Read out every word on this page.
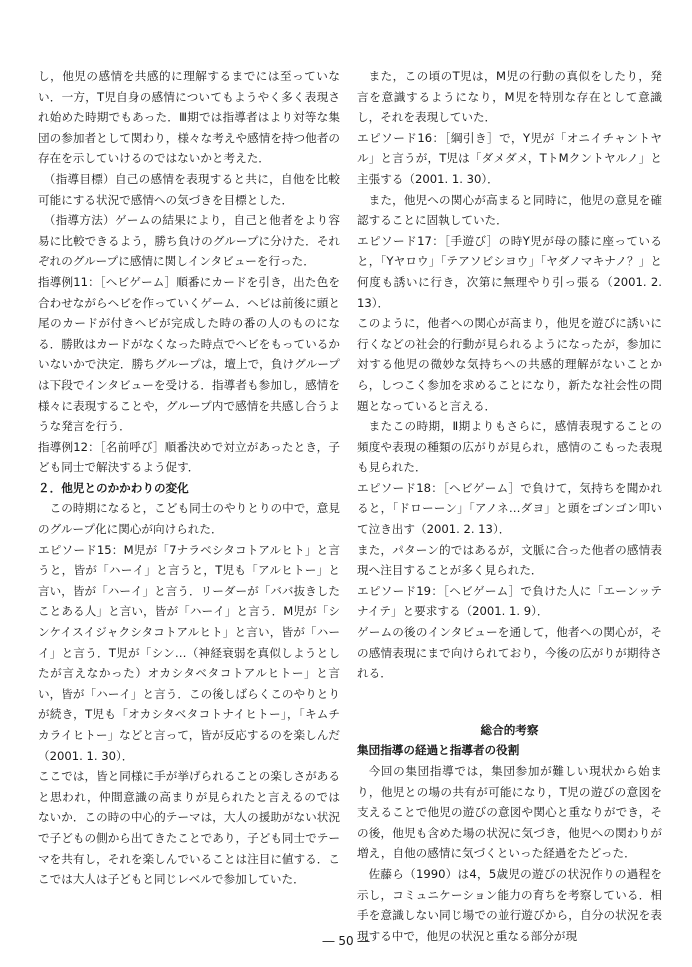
し，他児の感情を共感的に理解するまでには至っていない．一方，T児自身の感情についてもようやく多く表現され始めた時期でもあった．Ⅲ期では指導者はより対等な集団の参加者として関わり，様々な考えや感情を持つ他者の存在を示していけるのではないかと考えた．

（指導目標）自己の感情を表現すると共に，自他を比較可能にする状況で感情への気づきを目標とした．

（指導方法）ゲームの結果により，自己と他者をより容易に比較できるよう，勝ち負けのグループに分けた．それぞれのグループに感情に関しインタビューを行った．

指導例11：［ヘビゲーム］順番にカードを引き，出た色を合わせながらヘビを作っていくゲーム．ヘビは前後に頭と尾のカードが付きヘビが完成した時の番の人のものになる．勝敗はカードがなくなった時点でヘビをもっているかいないかで決定．勝ちグループは，壇上で，負けグループは下段でインタビューを受ける．指導者も参加し，感情を様々に表現することや，グループ内で感情を共感し合うような発言を行う．

指導例12：［名前呼び］順番決めで対立があったとき，子ども同士で解決するよう促す．

２．他児とのかかわりの変化

この時期になると，こども同士のやりとりの中で，意見のグループ化に関心が向けられた．

エピソード15：M児が「7ナラベシタコトアルヒト」と言うと，皆が「ハーイ」と言うと，T児も「アルヒトー」と言い，皆が「ハーイ」と言う．リーダーが「ババ抜きしたことある人」と言い，皆が「ハーイ」と言う．M児が「シンケイスイジャクシタコトアルヒト」と言い，皆が「ハーイ」と言う．T児が「シン…（神経衰弱を真似しようとしたが言えなかった）オカシタベタコトアルヒトー」と言い，皆が「ハーイ」と言う．この後しばらくこのやりとりが続き，T児も「オカシタベタコトナイヒトー」，「キムチカライヒトー」などと言って，皆が反応するのを楽しんだ（2001. 1. 30）．

ここでは，皆と同様に手が挙げられることの楽しさがあると思われ，仲間意識の高まりが見られたと言えるのではないか．この時の中心的テーマは，大人の援助がない状況で子どもの側から出てきたことであり，子ども同士でテーマを共有し，それを楽しんでいることは注目に値する．ここでは大人は子どもと同じレベルで参加していた．

また，この頃のT児は，M児の行動の真似をしたり，発言を意識するようになり，M児を特別な存在として意識し，それを表現していた．

エピソード16：［綱引き］で，Y児が「オニイチャントヤル」と言うが，T児は「ダメダメ，TトMクントヤルノ」と主張する（2001. 1. 30）．

また，他児への関心が高まると同時に，他児の意見を確認することに固執していた．

エピソード17：［手遊び］の時Y児が母の膝に座っていると，「Yヤロウ」「テアソビシヨウ」「ヤダノマキナノ？」と何度も誘いに行き，次第に無理やり引っ張る（2001. 2. 13）．

このように，他者への関心が高まり，他児を遊びに誘いに行くなどの社会的行動が見られるようになったが，参加に対する他児の微妙な気持ちへの共感的理解がないことから，しつこく参加を求めることになり，新たな社会性の問題となっていると言える．

またこの時期，Ⅱ期よりもさらに，感情表現することの頻度や表現の種類の広がりが見られ，感情のこもった表現も見られた．

エピソード18：［ヘビゲーム］で負けて，気持ちを聞かれると，「ドローーン」「アノネ…ダヨ」と頭をゴンゴン叩いて泣き出す（2001. 2. 13）．

また，パターン的ではあるが，文脈に合った他者の感情表現へ注目することが多く見られた．

エピソード19：［ヘビゲーム］で負けた人に「エーンッテナイテ」と要求する（2001. 1. 9）．

ゲームの後のインタビューを通して，他者への関心が，その感情表現にまで向けられており，今後の広がりが期待される．

総合的考察

集団指導の経過と指導者の役割

今回の集団指導では，集団参加が難しい現状から始まり，他児との場の共有が可能になり，T児の遊びの意図を支えることで他児の遊びの意図や関心と重なりができ，その後，他児も含めた場の状況に気づき，他児への関わりが増え，自他の感情に気づくといった経過をたどった．

佐藤ら（1990）は4，5歳児の遊びの状況作りの過程を示し，コミュニケーション能力の育ちを考察している．相手を意識しない同じ場での並行遊びから，自分の状況を表現する中で，他児の状況と重なる部分が現

― 50 ―
